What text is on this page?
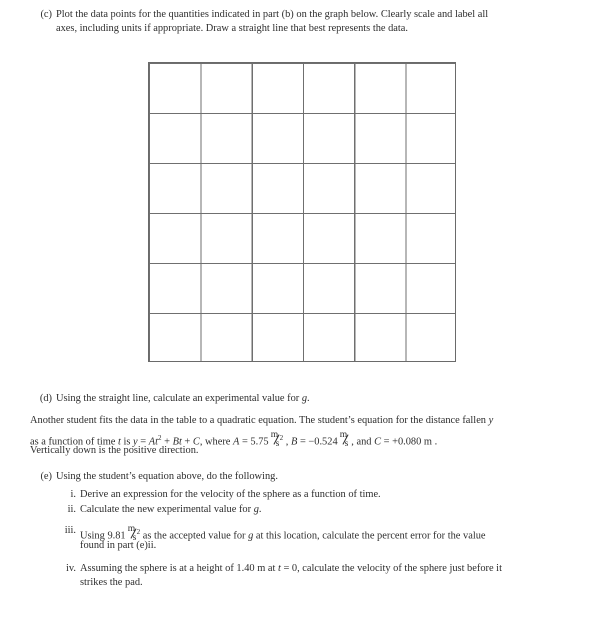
(c) Plot the data points for the quantities indicated in part (b) on the graph below. Clearly scale and label all
axes, including units if appropriate. Draw a straight line that best represents the data.
(d) Using the straight line, calculate an experimental value for g.
Another student fits the data in the table to a quadratic equation. The student’s equation for the distance fallen y
as a function of time t is $y = At^2 + Bt + C$, where A = 5.75
m
s $^2$ , B = −0.524
m
s , and C = +0.080 m .
Vertically down is the positive direction.
(e) Using the student’s equation above, do the following.
i. Derive an expression for the velocity of the sphere as a function of time.
ii. Calculate the new experimental value for g.
iii.
Using 9.81
m
s $^2$ as the accepted value for g at this location, calculate the percent error for the value
found in part (e)ii.
iv. Assuming the sphere is at a height of 1.40 m at t = 0, calculate the velocity of the sphere just before it
strikes the pad.
